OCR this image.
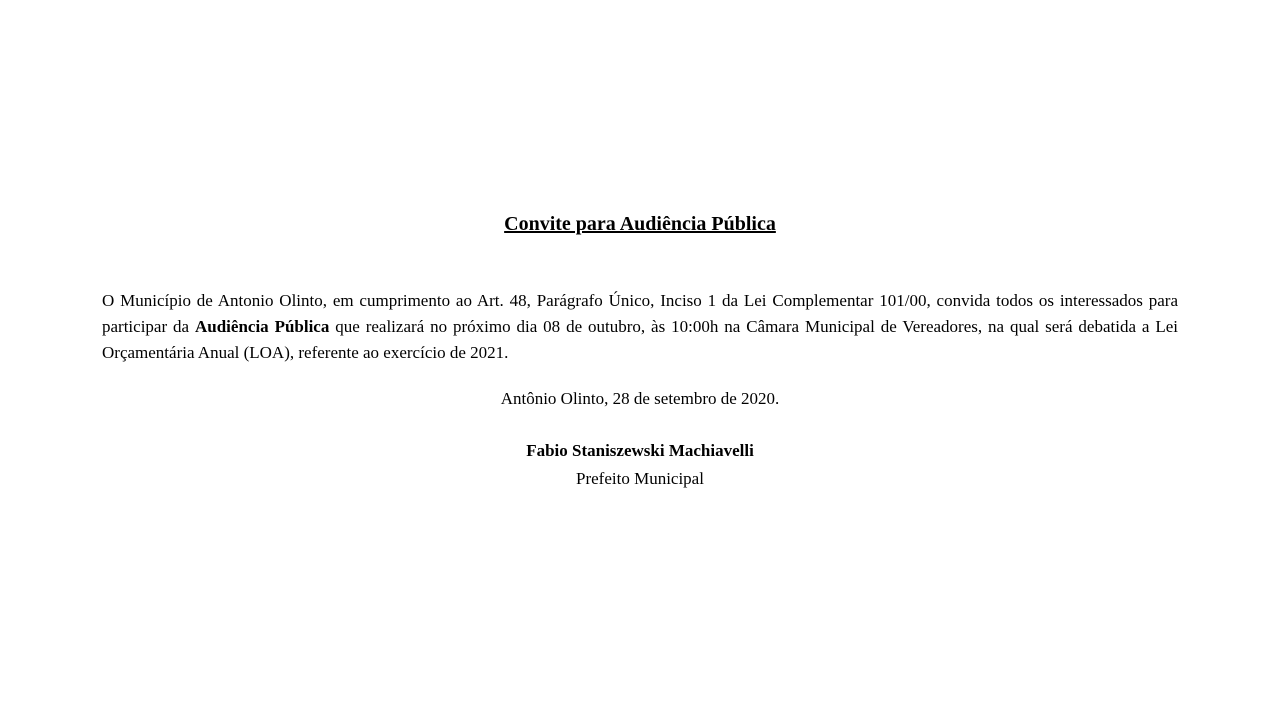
Convite para Audiência Pública

O Município de Antonio Olinto, em cumprimento ao Art. 48, Parágrafo Único, Inciso 1 da Lei Complementar 101/00, convida todos os interessados para participar da Audiência Pública que realizará no próximo dia 08 de outubro, às 10:00h na Câmara Municipal de Vereadores, na qual será debatida a Lei Orçamentária Anual (LOA), referente ao exercício de 2021.

Antônio Olinto, 28 de setembro de 2020.

Fabio Staniszewski Machiavelli

Prefeito Municipal
